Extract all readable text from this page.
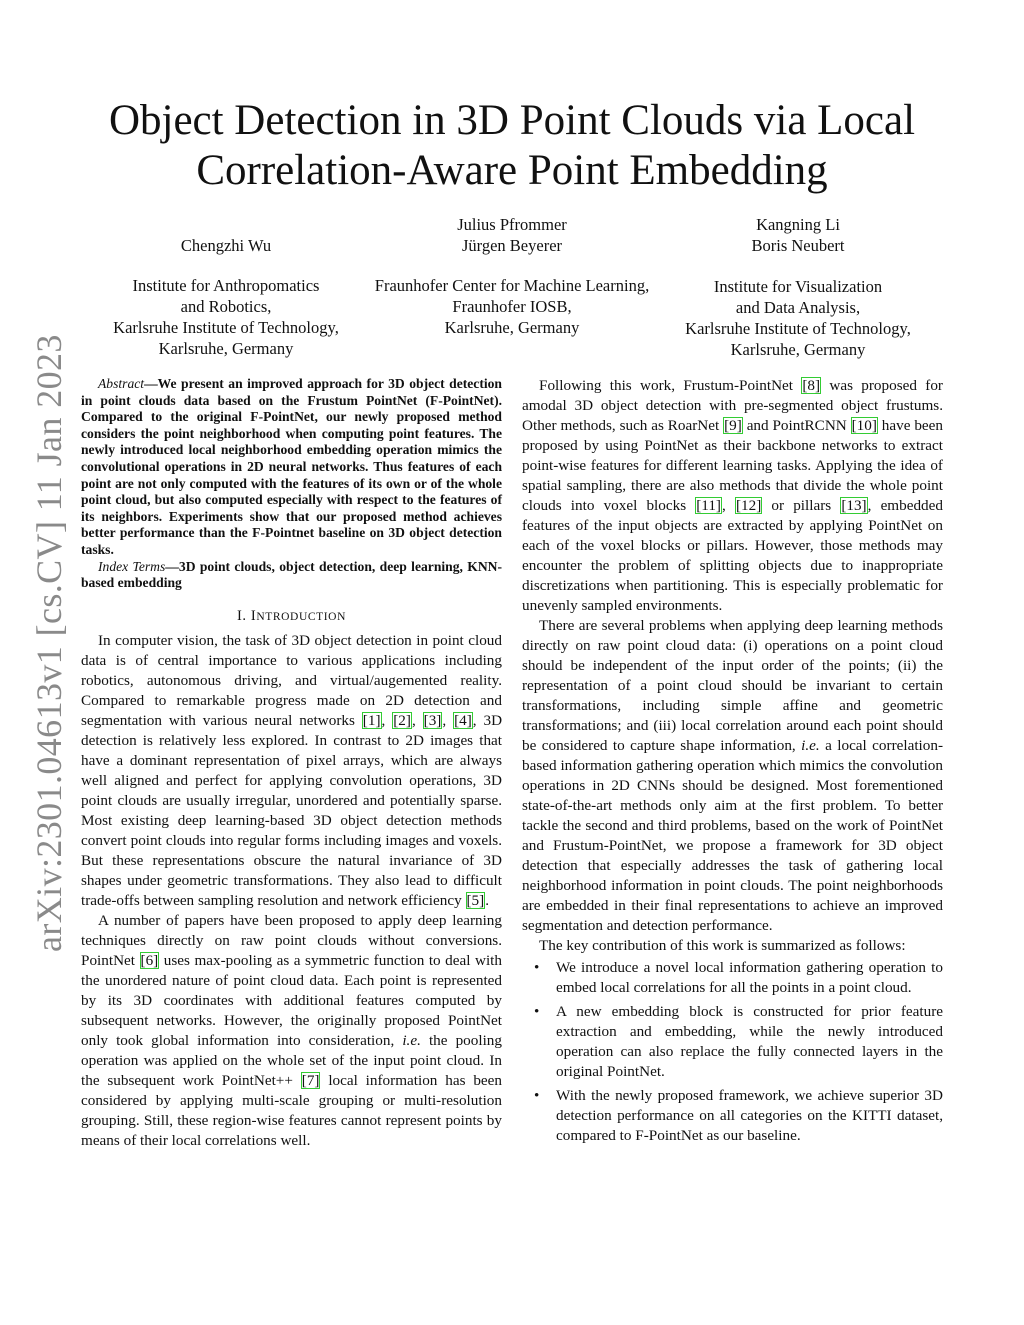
arXiv:2301.04613v1 [cs.CV] 11 Jan 2023
Object Detection in 3D Point Clouds via Local
Correlation-Aware Point Embedding
Chengzhi Wu
Institute for Anthropomatics
and Robotics,
Karlsruhe Institute of Technology,
Karlsruhe, Germany
Julius Pfrommer
Jürgen Beyerer
Fraunhofer Center for Machine Learning,
Fraunhofer IOSB,
Karlsruhe, Germany
Kangning Li
Boris Neubert
Institute for Visualization
and Data Analysis,
Karlsruhe Institute of Technology,
Karlsruhe, Germany

Abstract—We present an improved approach for 3D object detection in point clouds data based on the Frustum PointNet (F-PointNet). Compared to the original F-PointNet, our newly proposed method considers the point neighborhood when computing point features. The newly introduced local neighborhood embedding operation mimics the convolutional operations in 2D neural networks. Thus features of each point are not only computed with the features of its own or of the whole point cloud, but also computed especially with respect to the features of its neighbors. Experiments show that our proposed method achieves better performance than the F-Pointnet baseline on 3D object detection tasks.

Index Terms—3D point clouds, object detection, deep learning, KNN-based embedding

I. INTRODUCTION

In computer vision, the task of 3D object detection in point cloud data is of central importance to various applications including robotics, autonomous driving, and virtual/augemented reality. Compared to remarkable progress made on 2D detection and segmentation with various neural networks [1], [2], [3], [4], 3D detection is relatively less explored. In contrast to 2D images that have a dominant representation of pixel arrays, which are always well aligned and perfect for applying convolution operations, 3D point clouds are usually irregular, unordered and potentially sparse. Most existing deep learning-based 3D object detection methods convert point clouds into regular forms including images and voxels. But these representations obscure the natural invariance of 3D shapes under geometric transformations. They also lead to difficult trade-offs between sampling resolution and network efficiency [5].

A number of papers have been proposed to apply deep learning techniques directly on raw point clouds without conversions. PointNet [6] uses max-pooling as a symmetric function to deal with the unordered nature of point cloud data. Each point is represented by its 3D coordinates with additional features computed by subsequent networks. However, the originally proposed PointNet only took global information into consideration, i.e. the pooling operation was applied on the whole set of the input point cloud. In the subsequent work PointNet++ [7] local information has been considered by applying multi-scale grouping or multi-resolution grouping. Still, these region-wise features cannot represent points by means of their local correlations well.

Following this work, Frustum-PointNet [8] was proposed for amodal 3D object detection with pre-segmented object frustums. Other methods, such as RoarNet [9] and PointRCNN [10] have been proposed by using PointNet as their backbone networks to extract point-wise features for different learning tasks. Applying the idea of spatial sampling, there are also methods that divide the whole point clouds into voxel blocks [11], [12] or pillars [13], embedded features of the input objects are extracted by applying PointNet on each of the voxel blocks or pillars. However, those methods may encounter the problem of splitting objects due to inappropriate discretizations when partitioning. This is especially problematic for unevenly sampled environments.

There are several problems when applying deep learning methods directly on raw point cloud data: (i) operations on a point cloud should be independent of the input order of the points; (ii) the representation of a point cloud should be invariant to certain transformations, including simple affine and geometric transformations; and (iii) local correlation around each point should be considered to capture shape information, i.e. a local correlation-based information gathering operation which mimics the convolution operations in 2D CNNs should be designed. Most forementioned state-of-the-art methods only aim at the first problem. To better tackle the second and third problems, based on the work of PointNet and Frustum-PointNet, we propose a framework for 3D object detection that especially addresses the task of gathering local neighborhood information in point clouds. The point neighborhoods are embedded in their final representations to achieve an improved segmentation and detection performance.

The key contribution of this work is summarized as follows:

• We introduce a novel local information gathering operation to embed local correlations for all the points in a point cloud.
• A new embedding block is constructed for prior feature extraction and embedding, while the newly introduced operation can also replace the fully connected layers in the original PointNet.
• With the newly proposed framework, we achieve superior 3D detection performance on all categories on the KITTI dataset, compared to F-PointNet as our baseline.
